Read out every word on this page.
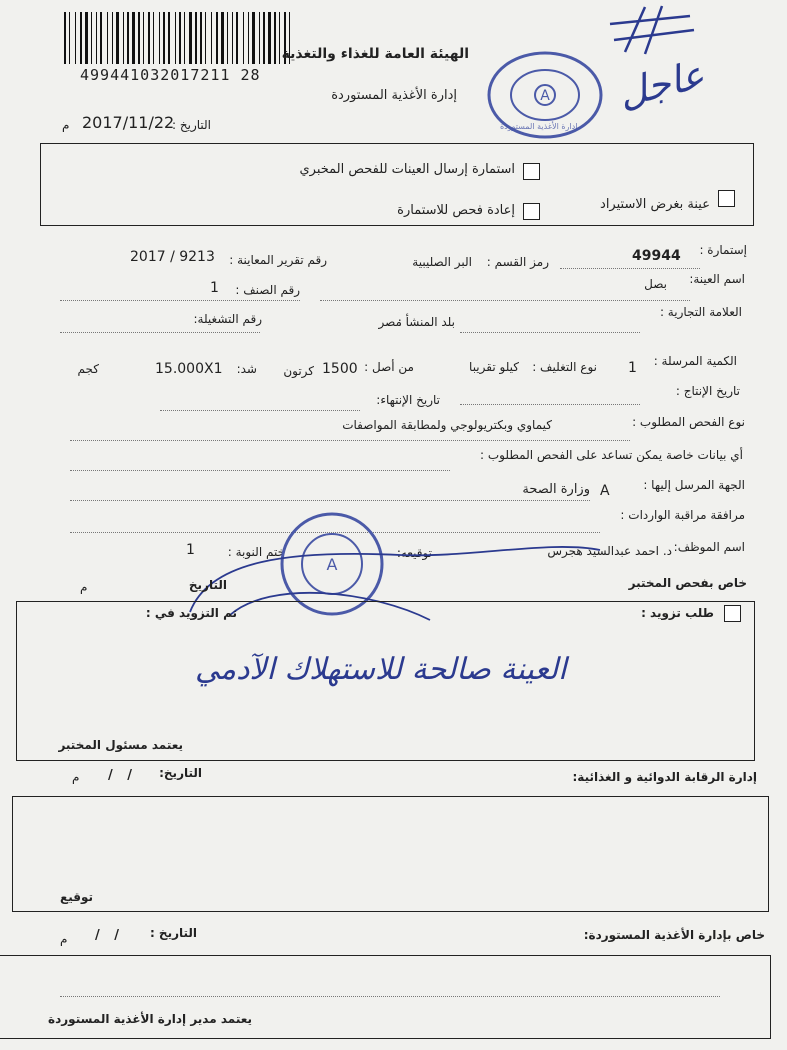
499441032017211 28
الهيئة العامة للغذاء والتغذية
إدارة الأغذية المستوردة
م 2017/11/22
التاريخ :
A
إدارة الأغذية المستوردة
عاجل
استمارة إرسال العينات للفحص المخبري
عينة بغرض الاستيراد
إعادة فحص للاستمارة
إستمارة :
49944
رمز القسم :
البر الصليبية
رقم تقرير المعاينة :
2017 / 9213
اسم العينة:
بصل
رقم الصنف :
1
العلامة التجارية :
بلد المنشأ :
مصر
رقم التشغيلة:
الكمية المرسلة :
1
نوع التغليف :
كيلو تقريبا
من أصل :
1500
كرتون
شد:
15.000X1
كجم
تاريخ الإنتاج :
تاريخ الإنتهاء:
نوع الفحص المطلوب :
كيماوي وبكتريولوجي ولمطابقة المواصفات
أي بيانات خاصة يمكن تساعد على الفحص المطلوب :
الجهة المرسل إليها :
A
وزارة الصحة
مرافقة مراقبة الواردات :
اسم الموظف:
د. احمد عبدالسيد هجرس
توقيعه:
ختم النوبة :
1
A
خاص بفحص المختبر
التاريخ
م
طلب تزويد :
تم التزويد في :
العينة صالحة للاستهلاك الآدمي
يعتمد مسئول المختبر
إدارة الرقابة الدوائية و الغذائية:
التاريخ:
/ /
م
توقيع
خاص بإدارة الأغذية المستوردة:
التاريخ :
/ /
م
يعتمد مدير إدارة الأغذية المستوردة
